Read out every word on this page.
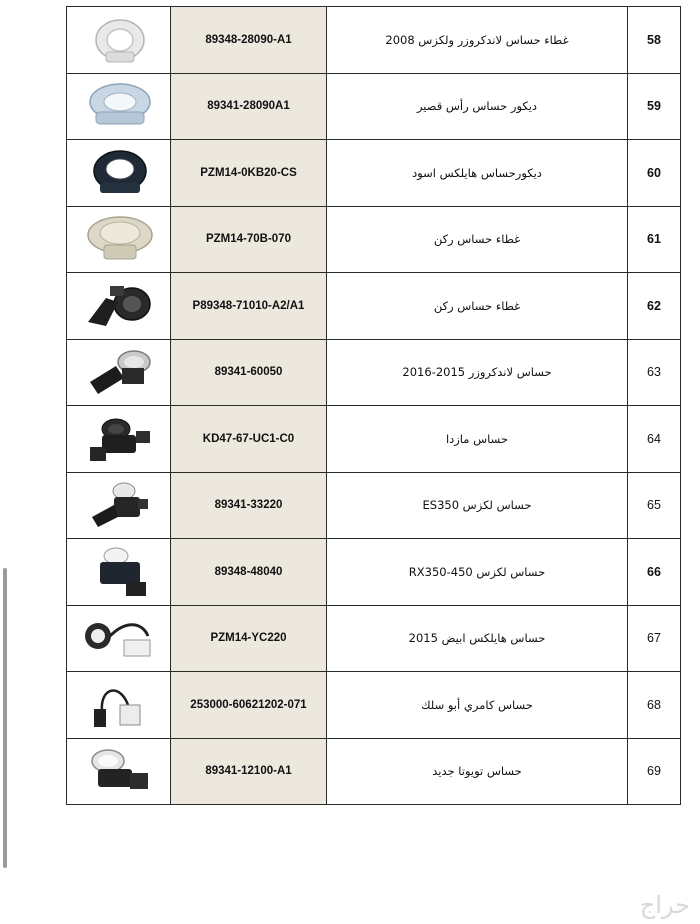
	89348-28090-A1	غطاء حساس لاندكروزر ولكزس 2008	58

	89341-28090A1	ديكور حساس رأس قصير	59

	PZM14-0KB20-CS	ديكورحساس هايلكس اسود	60

	PZM14-70B-070	غطاء حساس ركن	61

	P89348-71010-A2/A1	غطاء حساس ركن	62

	89341-60050	حساس لاندكروزر 2015-2016	63

	KD47-67-UC1-C0	حساس مازدا	64

	89341-33220	حساس لكزس ES350	65

	89348-48040	حساس لكزس RX350-450	66

	PZM14-YC220	حساس هايلكس ابيض 2015	67

	253000-60621202-071	حساس كامري أبو سلك	68

	89341-12100-A1	حساس تويوتا جديد	69
حراج
